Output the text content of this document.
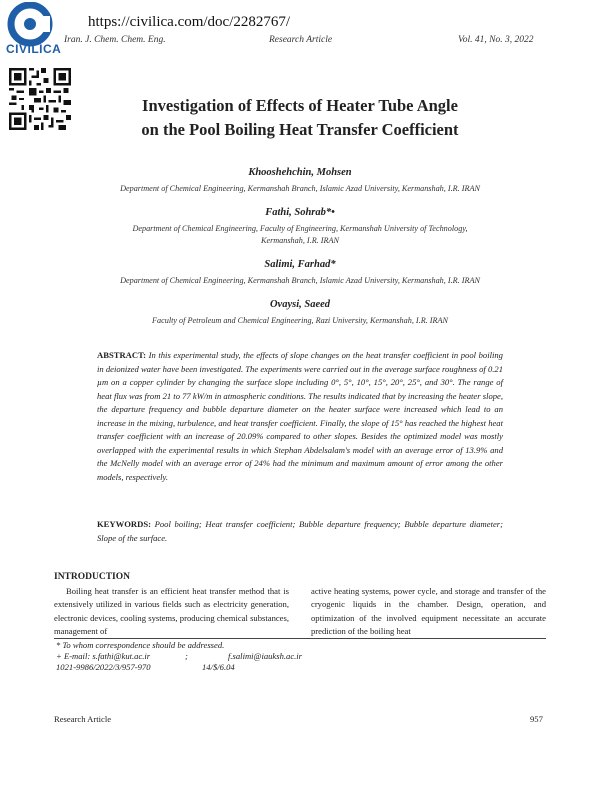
CIVILICA
https://civilica.com/doc/2282767/
Iran. J. Chem. Chem. Eng.	Research Article	Vol. 41, No. 3, 2022
Investigation of Effects of Heater Tube Angle
on the Pool Boiling Heat Transfer Coefficient
Khooshehchin, Mohsen
Department of Chemical Engineering, Kermanshah Branch, Islamic Azad University, Kermanshah, I.R. IRAN
Fathi, Sohrab*•
Department of Chemical Engineering, Faculty of Engineering, Kermanshah University of Technology, Kermanshah, I.R. IRAN
Salimi, Farhad*
Department of Chemical Engineering, Kermanshah Branch, Islamic Azad University, Kermanshah, I.R. IRAN
Ovaysi, Saeed
Faculty of Petroleum and Chemical Engineering, Razi University, Kermanshah, I.R. IRAN
ABSTRACT: In this experimental study, the effects of slope changes on the heat transfer coefficient in pool boiling in deionized water have been investigated. The experiments were carried out in the average surface roughness of 0.21 µm on a copper cylinder by changing the surface slope including 0°, 5°, 10°, 15°, 20°, 25°, and 30°. The range of heat flux was from 21 to 77 kW/m in atmospheric conditions. The results indicated that by increasing the heater slope, the departure frequency and bubble departure diameter on the heater surface were increased which lead to an increase in the mixing, turbulence, and heat transfer coefficient. Finally, the slope of 15° has reached the highest heat transfer coefficient with an increase of 20.09% compared to other slopes. Besides the optimized model was mostly overlapped with the experimental results in which Stephan Abdelsalam's model with an average error of 13.9% and the McNelly model with an average error of 24% had the minimum and maximum amount of error among the other models, respectively.
KEYWORDS: Pool boiling; Heat transfer coefficient; Bubble departure frequency; Bubble departure diameter; Slope of the surface.
INTRODUCTION
Boiling heat transfer is an efficient heat transfer method that is extensively utilized in various fields such as electricity generation, electronic devices, cooling systems, producing chemical substances, management of
active heating systems, power cycle, and storage and transfer of the cryogenic liquids in the chamber. Design, operation, and optimization of the involved equipment necessitate an accurate prediction of the boiling heat
* To whom correspondence should be addressed.
+ E-mail: s.fathi@kut.ac.ir	;	f.salimi@iauksh.ac.ir
1021-9986/2022/3/957-970	14/$/6.04
Research Article	957
